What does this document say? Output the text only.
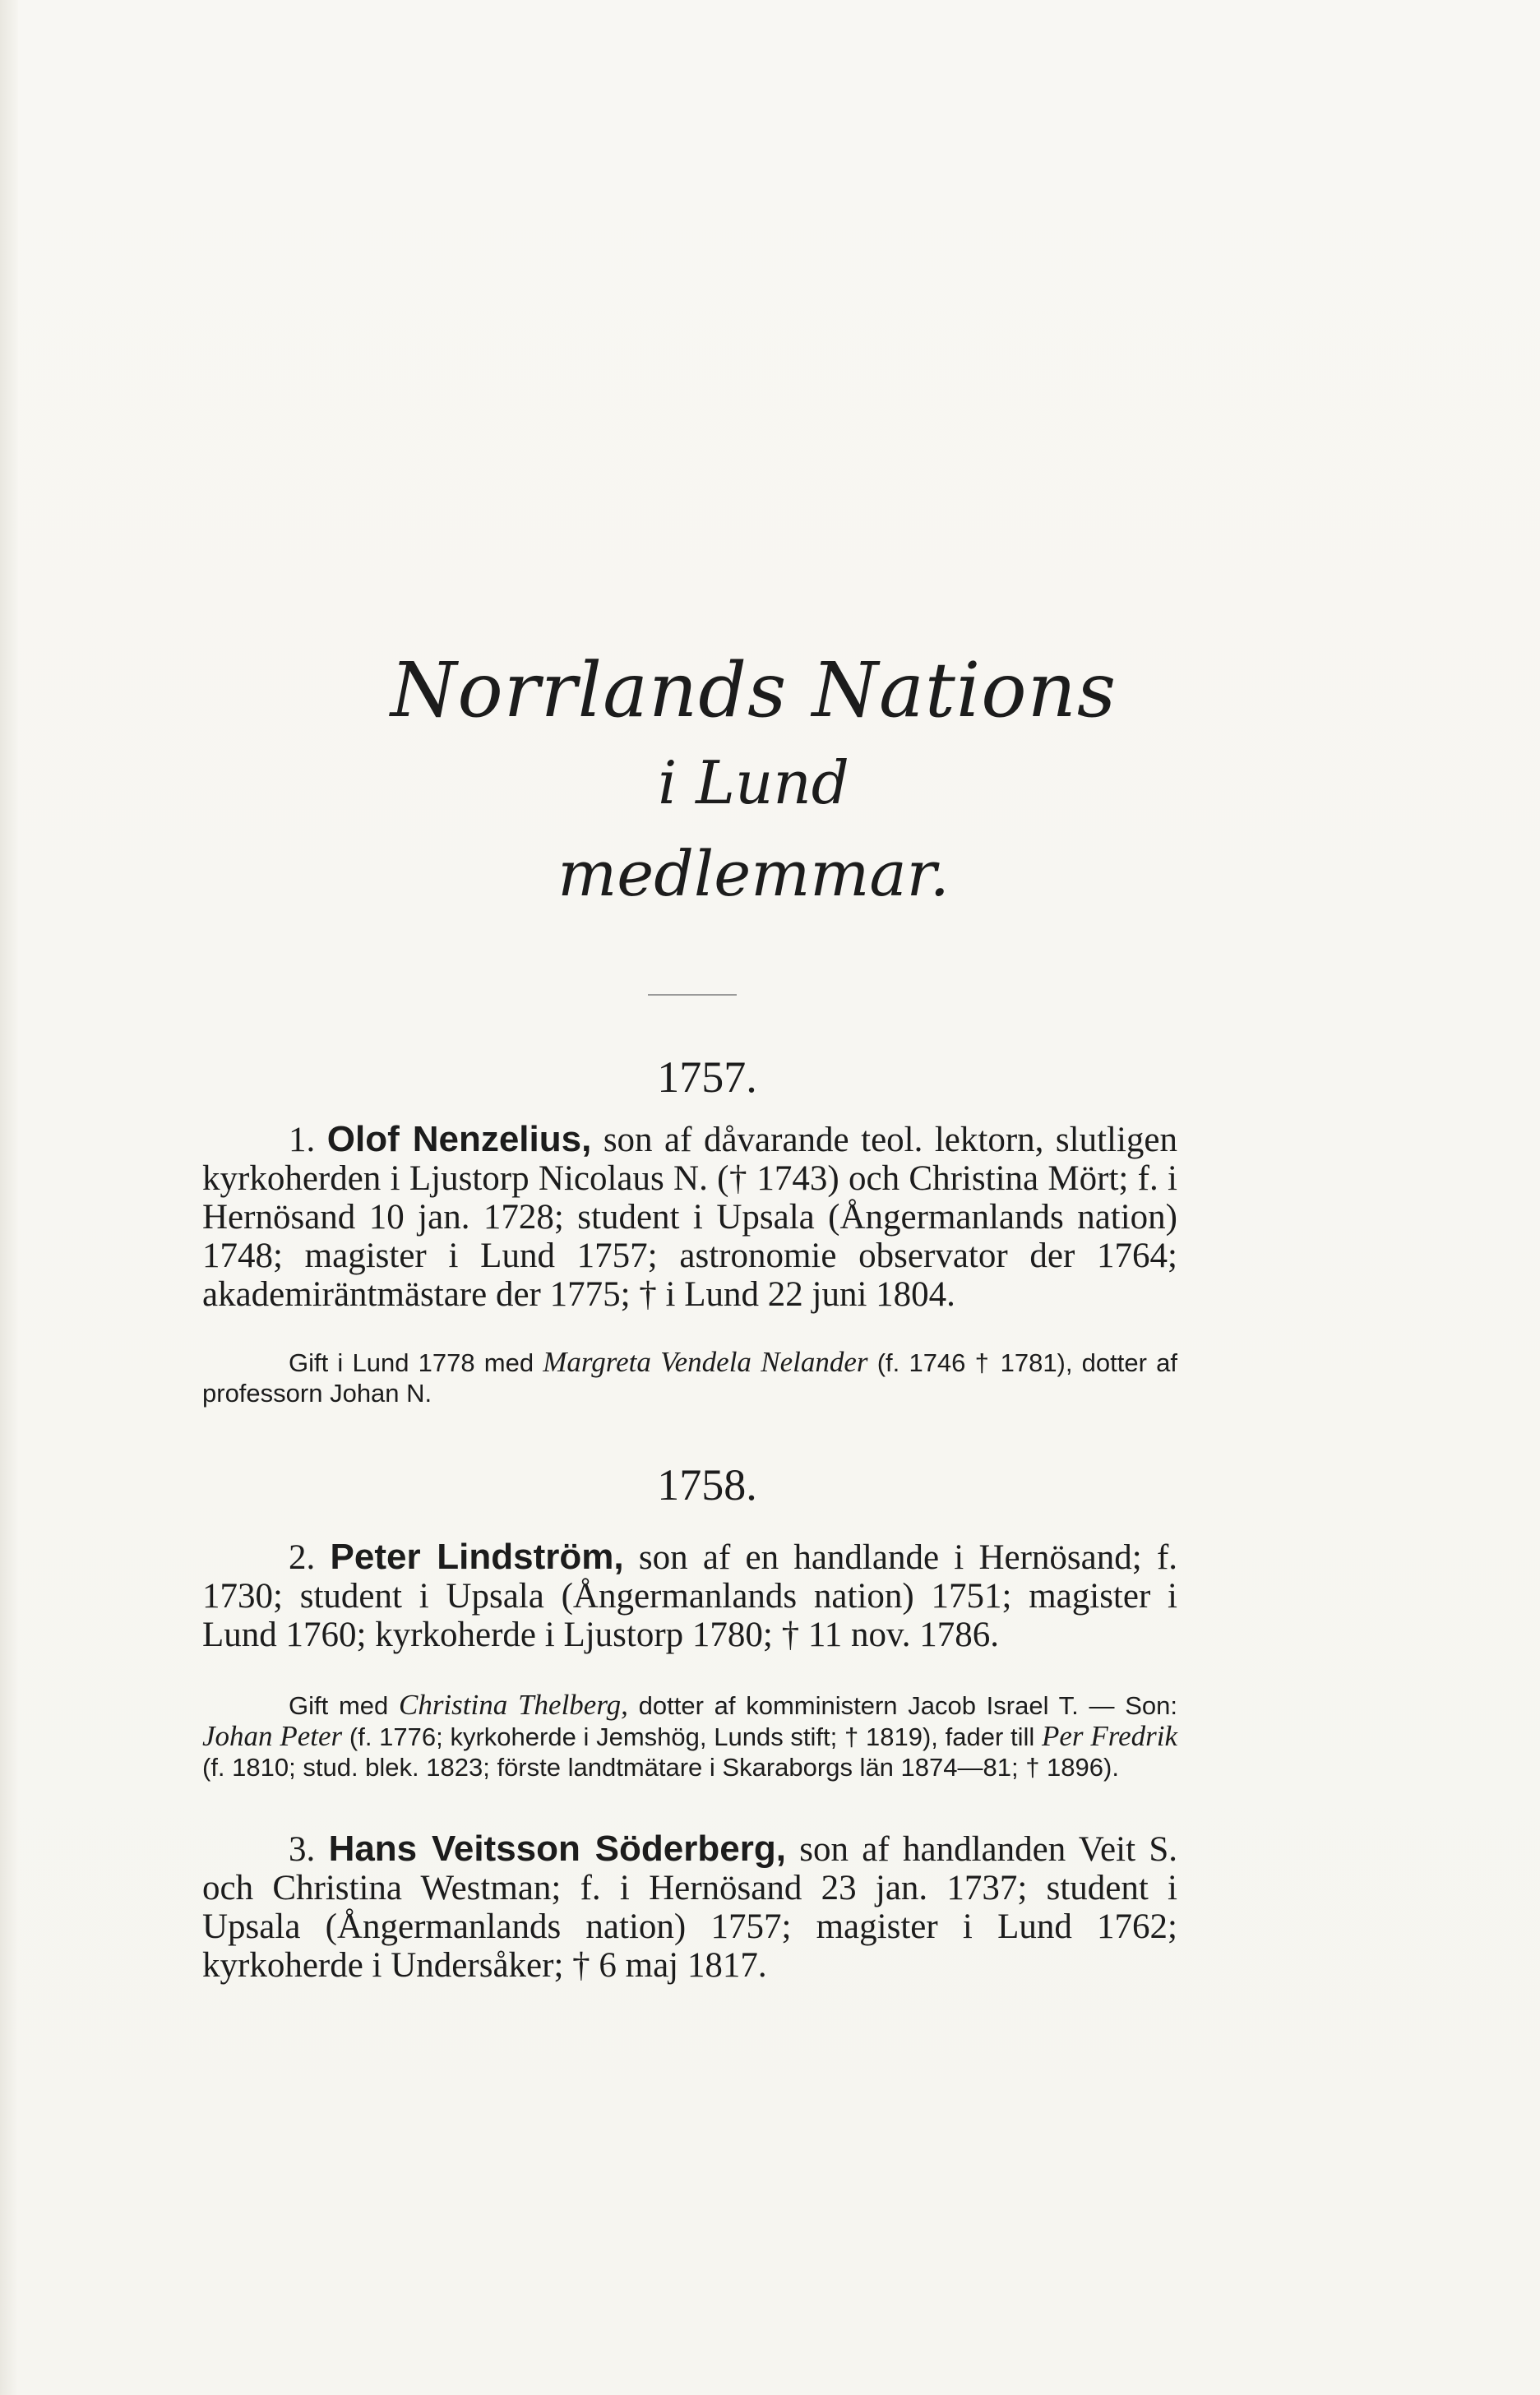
Norrlands Nations
i Lund
medlemmar.
1757.
1. Olof Nenzelius, son af dåvarande teol. lektorn, slutligen kyrkoherden i Ljustorp Nicolaus N. († 1743) och Christina Mört; f. i Hernösand 10 jan. 1728; student i Upsala (Ångermanlands nation) 1748; magister i Lund 1757; astronomie observator der 1764; akademiräntmästare der 1775; † i Lund 22 juni 1804.
Gift i Lund 1778 med Margreta Vendela Nelander (f. 1746 † 1781), dotter af professorn Johan N.
1758.
2. Peter Lindström, son af en handlande i Hernösand; f. 1730; student i Upsala (Ångermanlands nation) 1751; magister i Lund 1760; kyrkoherde i Ljustorp 1780; † 11 nov. 1786.
Gift med Christina Thelberg, dotter af komministern Jacob Israel T. — Son: Johan Peter (f. 1776; kyrkoherde i Jemshög, Lunds stift; † 1819), fader till Per Fredrik (f. 1810; stud. blek. 1823; förste landtmätare i Skaraborgs län 1874—81; † 1896).
3. Hans Veitsson Söderberg, son af handlanden Veit S. och Christina Westman; f. i Hernösand 23 jan. 1737; student i Upsala (Ångermanlands nation) 1757; magister i Lund 1762; kyrkoherde i Undersåker; † 6 maj 1817.
